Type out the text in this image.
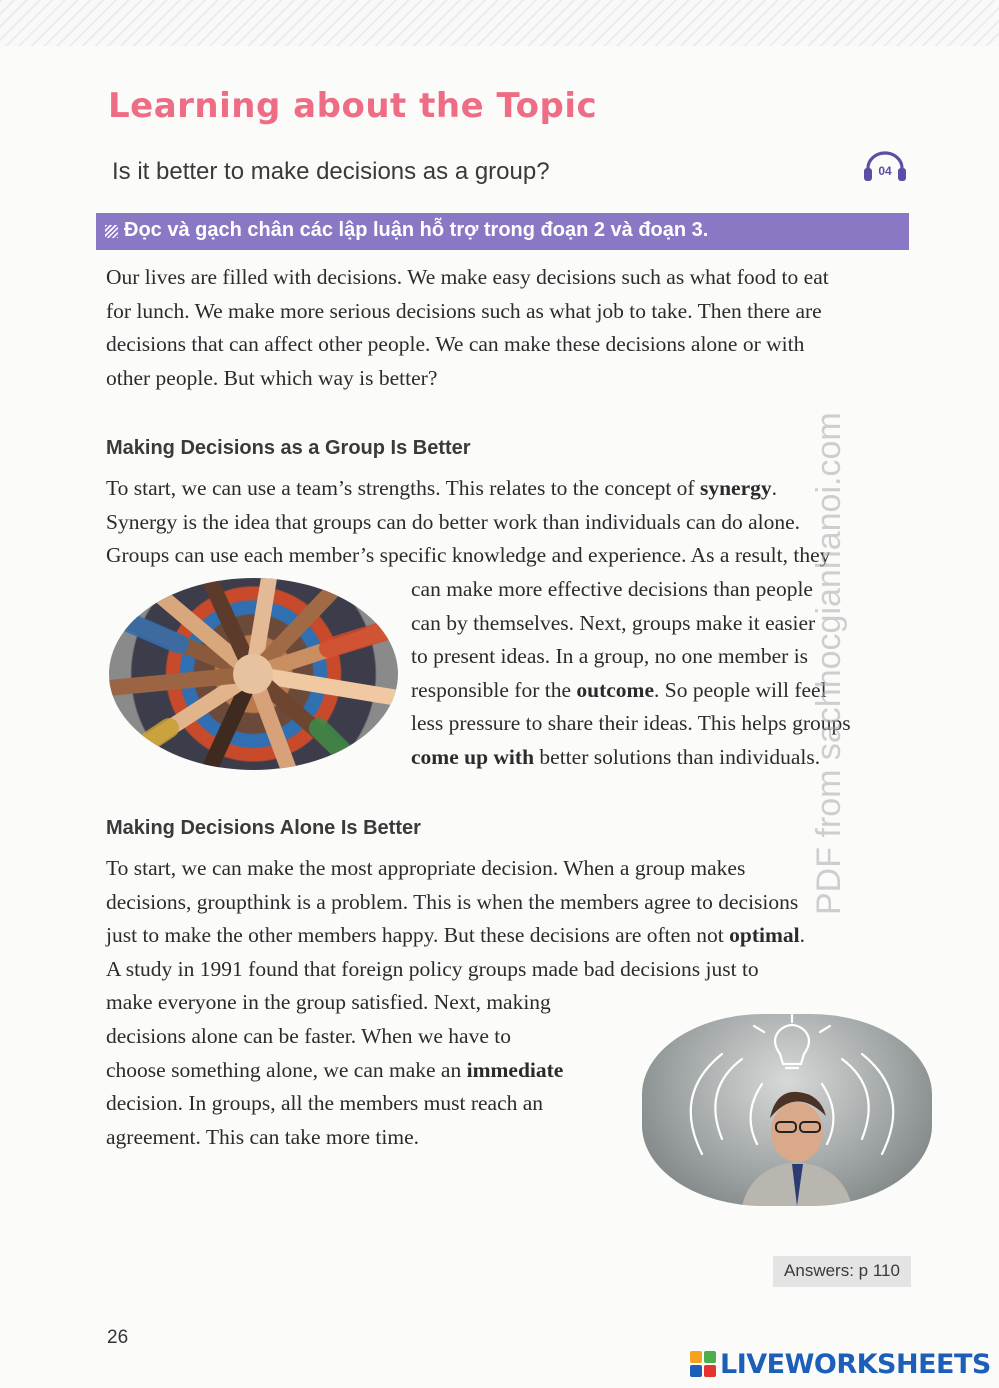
Learning about the Topic
Is it better to make decisions as a group?	04
Đọc và gạch chân các lập luận hỗ trợ trong đoạn 2 và đoạn 3.
Our lives are filled with decisions. We make easy decisions such as what food to eat
for lunch. We make more serious decisions such as what job to take. Then there are
decisions that can affect other people. We can make these decisions alone or with
other people. But which way is better?
Making Decisions as a Group Is Better
To start, we can use a team’s strengths. This relates to the concept of synergy.
Synergy is the idea that groups can do better work than individuals can do alone.
Groups can use each member’s specific knowledge and experience. As a result, they
can make more effective decisions than people
can by themselves. Next, groups make it easier
to present ideas. In a group, no one member is
responsible for the outcome. So people will feel
less pressure to share their ideas. This helps groups
come up with better solutions than individuals.
Making Decisions Alone Is Better
To start, we can make the most appropriate decision. When a group makes
decisions, groupthink is a problem. This is when the members agree to decisions
just to make the other members happy. But these decisions are often not optimal.
A study in 1991 found that foreign policy groups made bad decisions just to
make everyone in the group satisfied. Next, making
decisions alone can be faster. When we have to
choose something alone, we can make an immediate
decision. In groups, all the members must reach an
agreement. This can take more time.
Answers: p 110
26
PDF from sachhocgianhanoi.com
LIVEWORKSHEETS
